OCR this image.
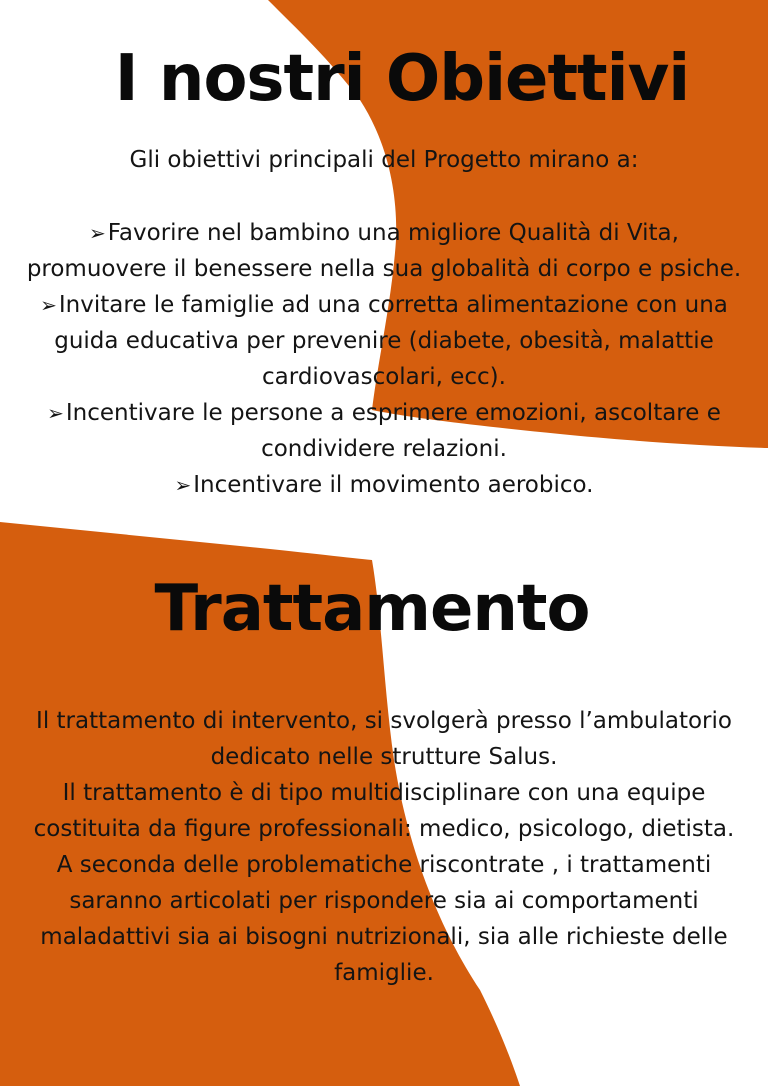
I nostri Obiettivi

Gli obiettivi principali del Progetto mirano a:

➢Favorire nel bambino una migliore Qualità di Vita, promuovere il benessere nella sua globalità di corpo e psiche.
➢Invitare le famiglie ad una corretta alimentazione con una guida educativa per prevenire (diabete, obesità, malattie cardiovascolari, ecc).
➢Incentivare le persone a esprimere emozioni, ascoltare e condividere relazioni.
➢Incentivare il movimento aerobico.
Trattamento

Il trattamento di intervento, si svolgerà presso l’ambulatorio dedicato nelle strutture Salus.

Il trattamento è di tipo multidisciplinare con una equipe costituita da figure professionali: medico, psicologo, dietista.

A seconda delle problematiche riscontrate , i trattamenti saranno articolati per rispondere sia ai comportamenti maladattivi sia ai bisogni nutrizionali, sia alle richieste delle famiglie.
